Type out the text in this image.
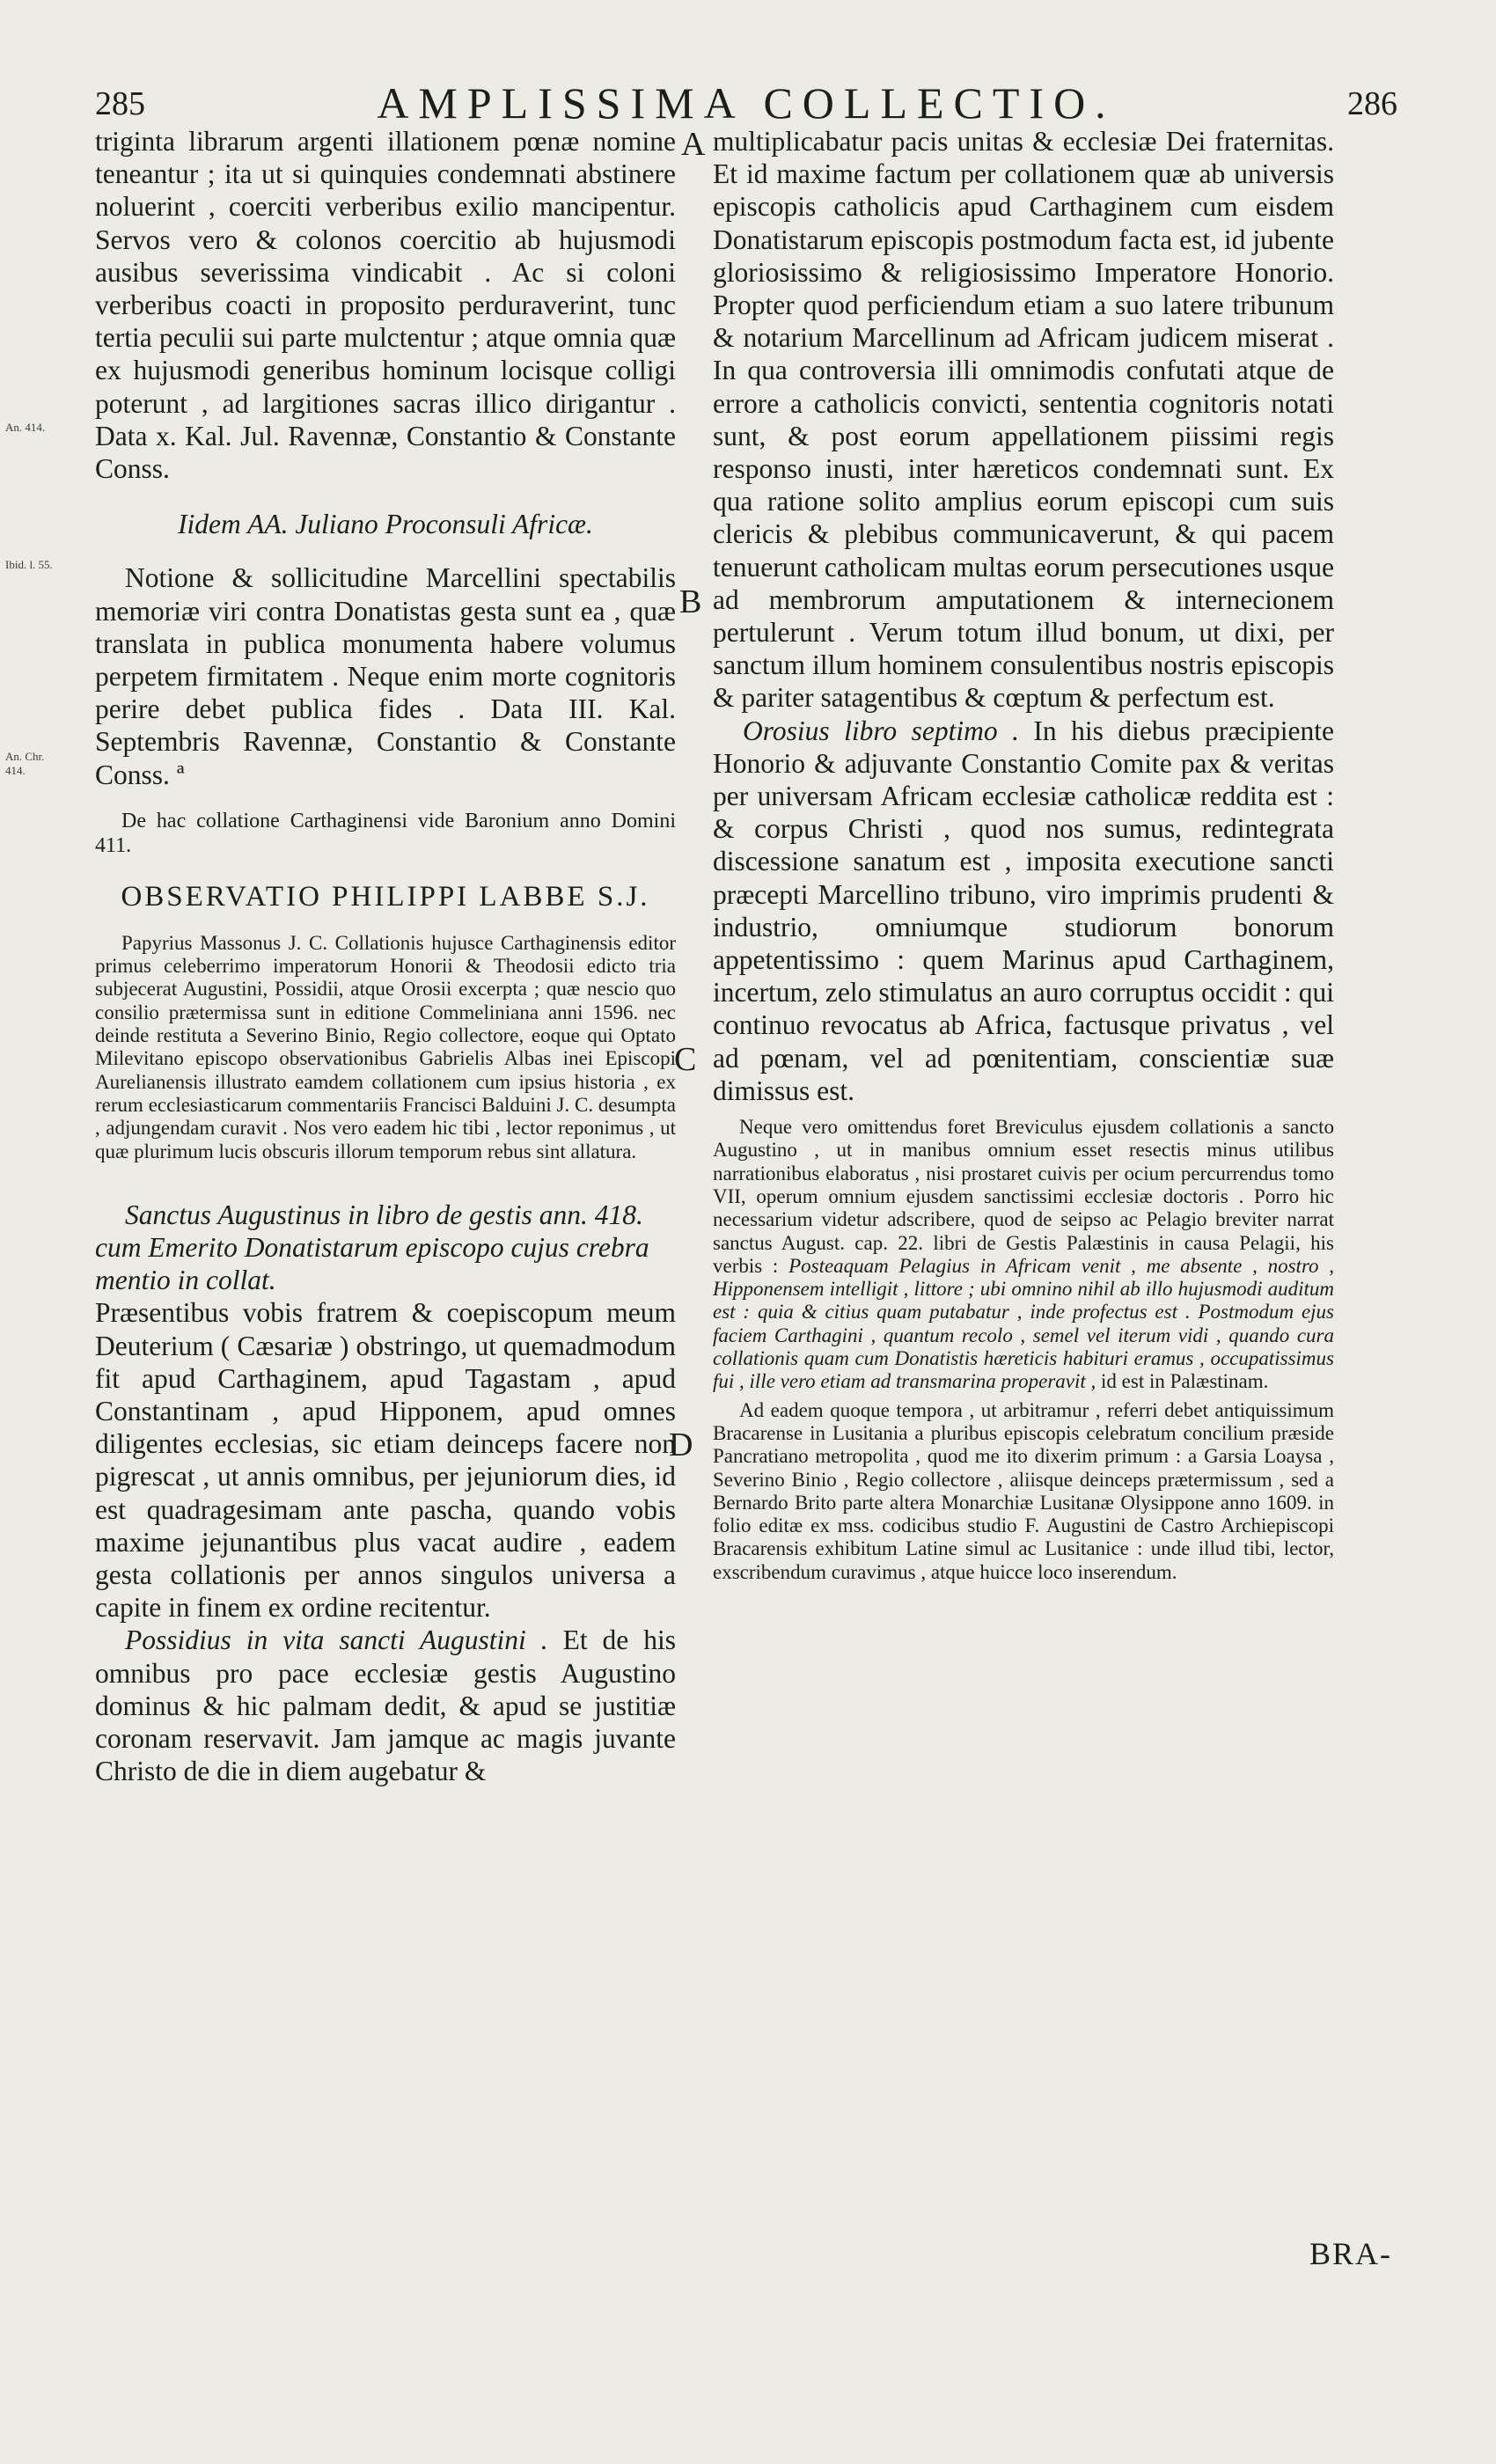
285	AMPLISSIMA COLLECTIO.	286
An. 414.
Ibid. l. 55.
An. Chr. 414.
A
B
C
D

triginta librarum argenti illationem pœnæ nomine teneantur ; ita ut si quinquies condemnati abstinere noluerint , coerciti verberibus exilio mancipentur. Servos vero & colonos coercitio ab hujusmodi ausibus severissima vindicabit . Ac si coloni verberibus coacti in proposito perduraverint, tunc tertia peculii sui parte mulctentur ; atque omnia quæ ex hujusmodi generibus hominum locisque colligi poterunt , ad largitiones sacras illico dirigantur . Data x. Kal. Jul. Ravennæ, Constantio & Constante Conss.

Iidem AA. Juliano Proconsuli Africæ.

Notione & sollicitudine Marcellini spectabilis memoriæ viri contra Donatistas gesta sunt ea , quæ translata in publica monumenta habere volumus perpetem firmitatem . Neque enim morte cognitoris perire debet publica fides . Data III. Kal. Septembris Ravennæ, Constantio & Constante Conss. ª

De hac collatione Carthaginensi vide Baronium anno Domini 411.

OBSERVATIO PHILIPPI LABBE S.J.

Papyrius Massonus J. C. Collationis hujusce Carthaginensis editor primus celeberrimo imperatorum Honorii & Theodosii edicto tria subjecerat Augustini, Possidii, atque Orosii excerpta ; quæ nescio quo consilio prætermissa sunt in editione Commeliniana anni 1596. nec deinde restituta a Severino Binio, Regio collectore, eoque qui Optato Milevitano episcopo observationibus Gabrielis Albas inei Episcopi Aurelianensis illustrato eamdem collationem cum ipsius historia , ex rerum ecclesiasticarum commentariis Francisci Balduini J. C. desumpta , adjungendam curavit . Nos vero eadem hic tibi , lector reponimus , ut quæ plurimum lucis obscuris illorum temporum rebus sint allatura.

Sanctus Augustinus in libro de gestis ann. 418.

cum Emerito Donatistarum episcopo cujus crebra mentio in collat.

Præsentibus vobis fratrem & coepiscopum meum Deuterium ( Cæsariæ ) obstringo, ut quemadmodum fit apud Carthaginem, apud Tagastam , apud Constantinam , apud Hipponem, apud omnes diligentes ecclesias, sic etiam deinceps facere non pigrescat , ut annis omnibus, per jejuniorum dies, id est quadragesimam ante pascha, quando vobis maxime jejunantibus plus vacat audire , eadem gesta collationis per annos singulos universa a capite in finem ex ordine recitentur.

Possidius in vita sancti Augustini . Et de his omnibus pro pace ecclesiæ gestis Augustino dominus & hic palmam dedit, & apud se justitiæ coronam reservavit. Jam jamque ac magis juvante Christo de die in diem augebatur &

multiplicabatur pacis unitas & ecclesiæ Dei fraternitas. Et id maxime factum per collationem quæ ab universis episcopis catholicis apud Carthaginem cum eisdem Donatistarum episcopis postmodum facta est, id jubente gloriosissimo & religiosissimo Imperatore Honorio. Propter quod perficiendum etiam a suo latere tribunum & notarium Marcellinum ad Africam judicem miserat . In qua controversia illi omnimodis confutati atque de errore a catholicis convicti, sententia cognitoris notati sunt, & post eorum appellationem piissimi regis responso inusti, inter hæreticos condemnati sunt. Ex qua ratione solito amplius eorum episcopi cum suis clericis & plebibus communicaverunt, & qui pacem tenuerunt catholicam multas eorum persecutiones usque ad membrorum amputationem & internecionem pertulerunt . Verum totum illud bonum, ut dixi, per sanctum illum hominem consulentibus nostris episcopis & pariter satagentibus & cœptum & perfectum est.

Orosius libro septimo . In his diebus præcipiente Honorio & adjuvante Constantio Comite pax & veritas per universam Africam ecclesiæ catholicæ reddita est : & corpus Christi , quod nos sumus, redintegrata discessione sanatum est , imposita executione sancti præcepti Marcellino tribuno, viro imprimis prudenti & industrio, omniumque studiorum bonorum appetentissimo : quem Marinus apud Carthaginem, incertum, zelo stimulatus an auro corruptus occidit : qui continuo revocatus ab Africa, factusque privatus , vel ad pœnam, vel ad pœnitentiam, conscientiæ suæ dimissus est.

Neque vero omittendus foret Breviculus ejusdem collationis a sancto Augustino , ut in manibus omnium esset resectis minus utilibus narrationibus elaboratus , nisi prostaret cuivis per ocium percurrendus tomo VII, operum omnium ejusdem sanctissimi ecclesiæ doctoris . Porro hic necessarium videtur adscribere, quod de seipso ac Pelagio breviter narrat sanctus August. cap. 22. libri de Gestis Palæstinis in causa Pelagii, his verbis : Posteaquam Pelagius in Africam venit , me absente , nostro , Hipponensem intelligit , littore ; ubi omnino nihil ab illo hujusmodi auditum est : quia & citius quam putabatur , inde profectus est . Postmodum ejus faciem Carthagini , quantum recolo , semel vel iterum vidi , quando cura collationis quam cum Donatistis hæreticis habituri eramus , occupatissimus fui , ille vero etiam ad transmarina properavit , id est in Palæstinam.

Ad eadem quoque tempora , ut arbitramur , referri debet antiquissimum Bracarense in Lusitania a pluribus episcopis celebratum concilium præside Pancratiano metropolita , quod me ito dixerim primum : a Garsia Loaysa , Severino Binio , Regio collectore , aliisque deinceps prætermissum , sed a Bernardo Brito parte altera Monarchiæ Lusitanæ Olysippone anno 1609. in folio editæ ex mss. codicibus studio F. Augustini de Castro Archiepiscopi Bracarensis exhibitum Latine simul ac Lusitanice : unde illud tibi, lector, exscribendum curavimus , atque huicce loco inserendum.

BRA-
